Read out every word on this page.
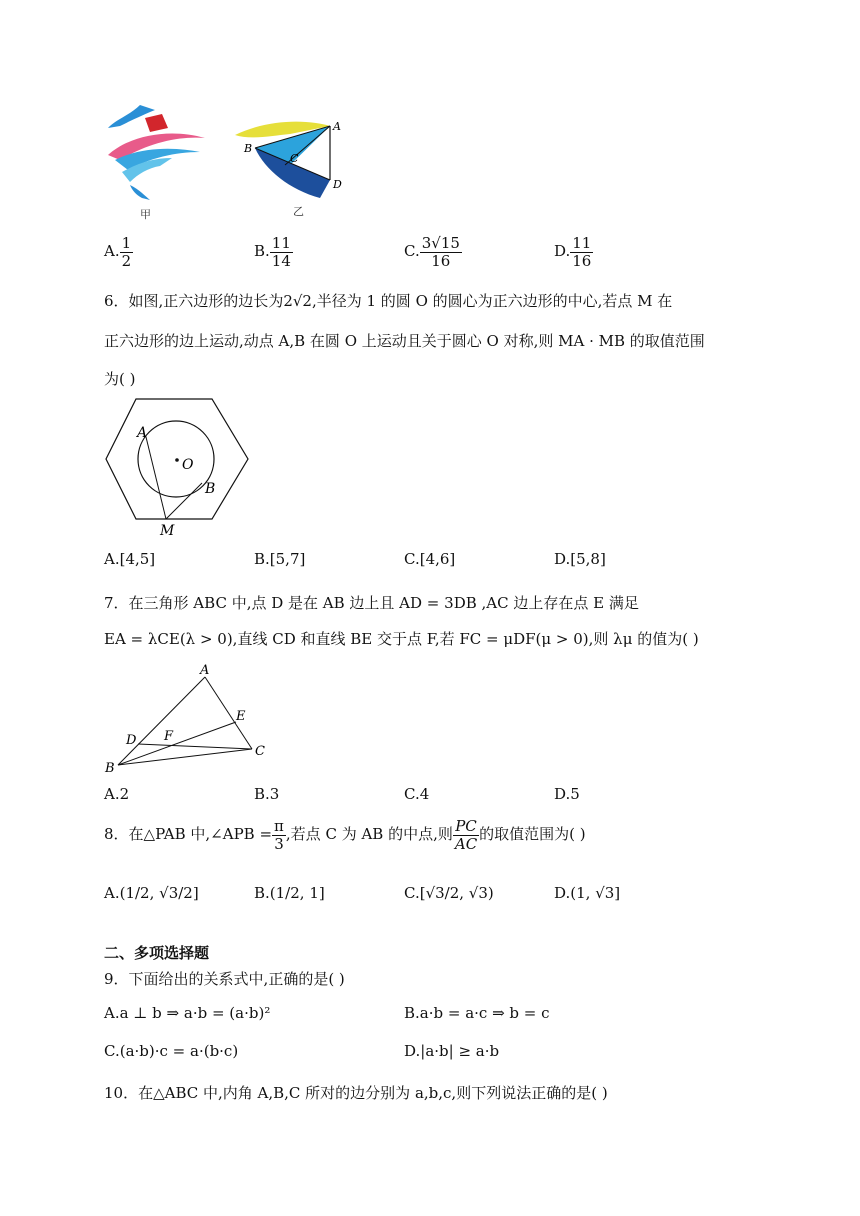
甲
A
B
C
D
乙
A. $\frac{1}{2}$	B. $\frac{11}{14}$	C. $\frac{3√15}{16}$	D. $\frac{11}{16}$
6．如图,正六边形的边长为2√2,半径为 1 的圆 O 的圆心为正六边形的中心,若点 M 在
正六边形的边上运动,动点 A,B 在圆 O 上运动且关于圆心 O 对称,则 MA · MB 的取值范围
为( )
A
O
B
M
A.[4,5]	B.[5,7]	C.[4,6]	D.[5,8]
7．在三角形 ABC 中,点 D 是在 AB 边上且 AD = 3DB ,AC 边上存在点 E 满足
EA = λCE(λ > 0),直线 CD 和直线 BE 交于点 F,若 FC = μDF(μ > 0),则 λμ 的值为( )
A
B
C
D
E
F
A.2	B.3	C.4	D.5
8．在△PAB 中,∠APB = $\frac{\pi}{3}$ ,若点 C 为 AB 的中点,则 $\frac{PC}{AC}$ 的取值范围为( )
A.(1/2, √3/2]	B.(1/2, 1]	C.[√3/2, √3)	D.(1, √3]
二、多项选择题
9．下面给出的关系式中,正确的是( )
A.a ⊥ b ⇒ a·b = (a·b)²	B.a·b = a·c ⇒ b = c
C.(a·b)·c = a·(b·c)	D.|a·b| ≥ a·b
10．在△ABC 中,内角 A,B,C 所对的边分别为 a,b,c,则下列说法正确的是( )
